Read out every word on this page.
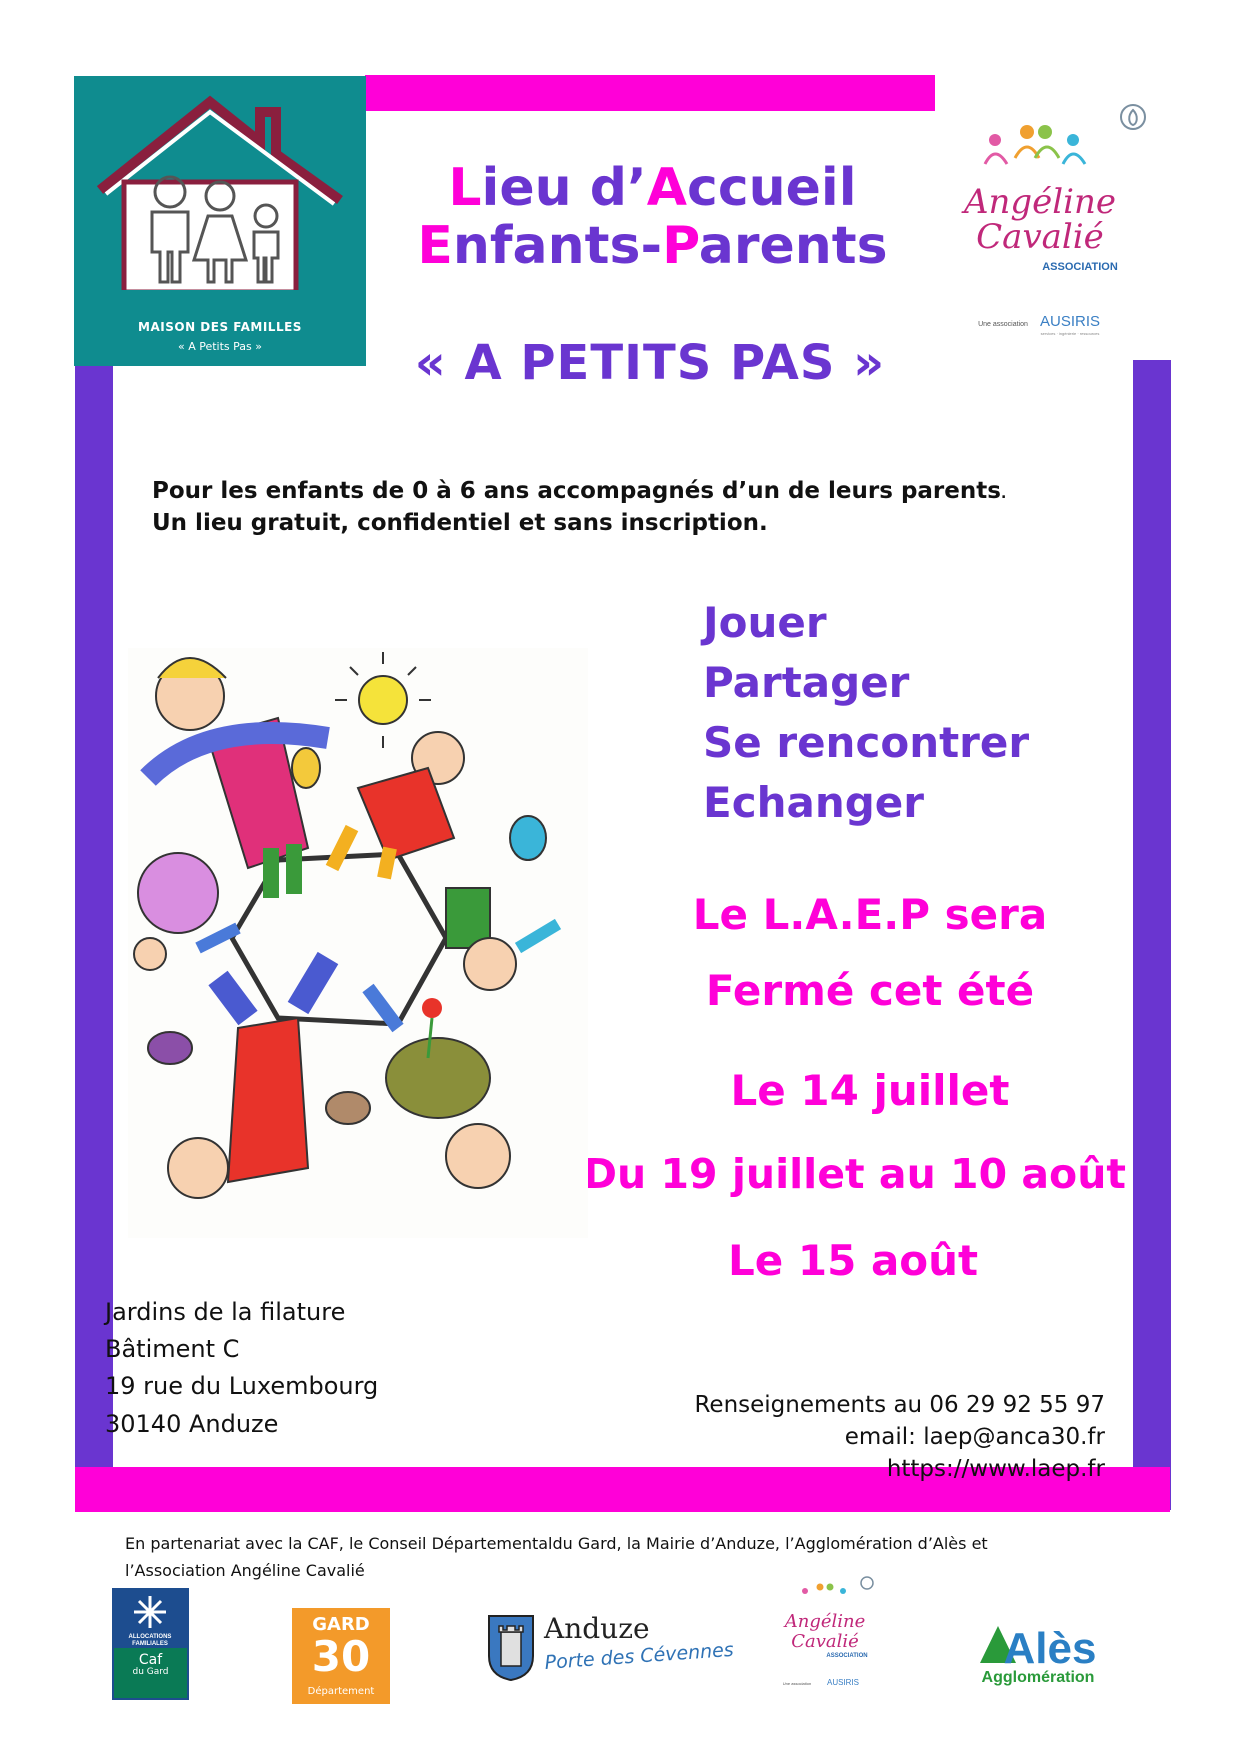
MAISON DES FAMILLES
« A Petits Pas »
Lieu d’Accueil
Enfants-Parents
« A PETITS PAS »
Angéline
Cavalié
ASSOCIATION
Une association AUSIRIS
services · ingénierie · ressources
Pour les enfants de 0 à 6 ans accompagnés d’un de leurs parents.
Un lieu gratuit, confidentiel et sans inscription.
Jouer
Partager
Se rencontrer
Echanger
Le L.A.E.P sera
Fermé cet été
Le 14 juillet
Du 19 juillet au 10 août
Le 15 août
Jardins de la filature
Bâtiment C
19 rue du Luxembourg
30140 Anduze
Renseignements au 06 29 92 55 97
email: laep@anca30.fr
https://www.laep.fr
En partenariat avec la CAF, le Conseil Départementaldu Gard, la Mairie d’Anduze, l’Agglomération d’Alès et
l’Association Angéline Cavalié
ALLOCATIONS
FAMILIALES
Caf
du Gard
GARD
30
Département
Anduze
Porte des Cévennes
Angéline
Cavalié
ASSOCIATION
Une association AUSIRIS
Alès
Agglomération
